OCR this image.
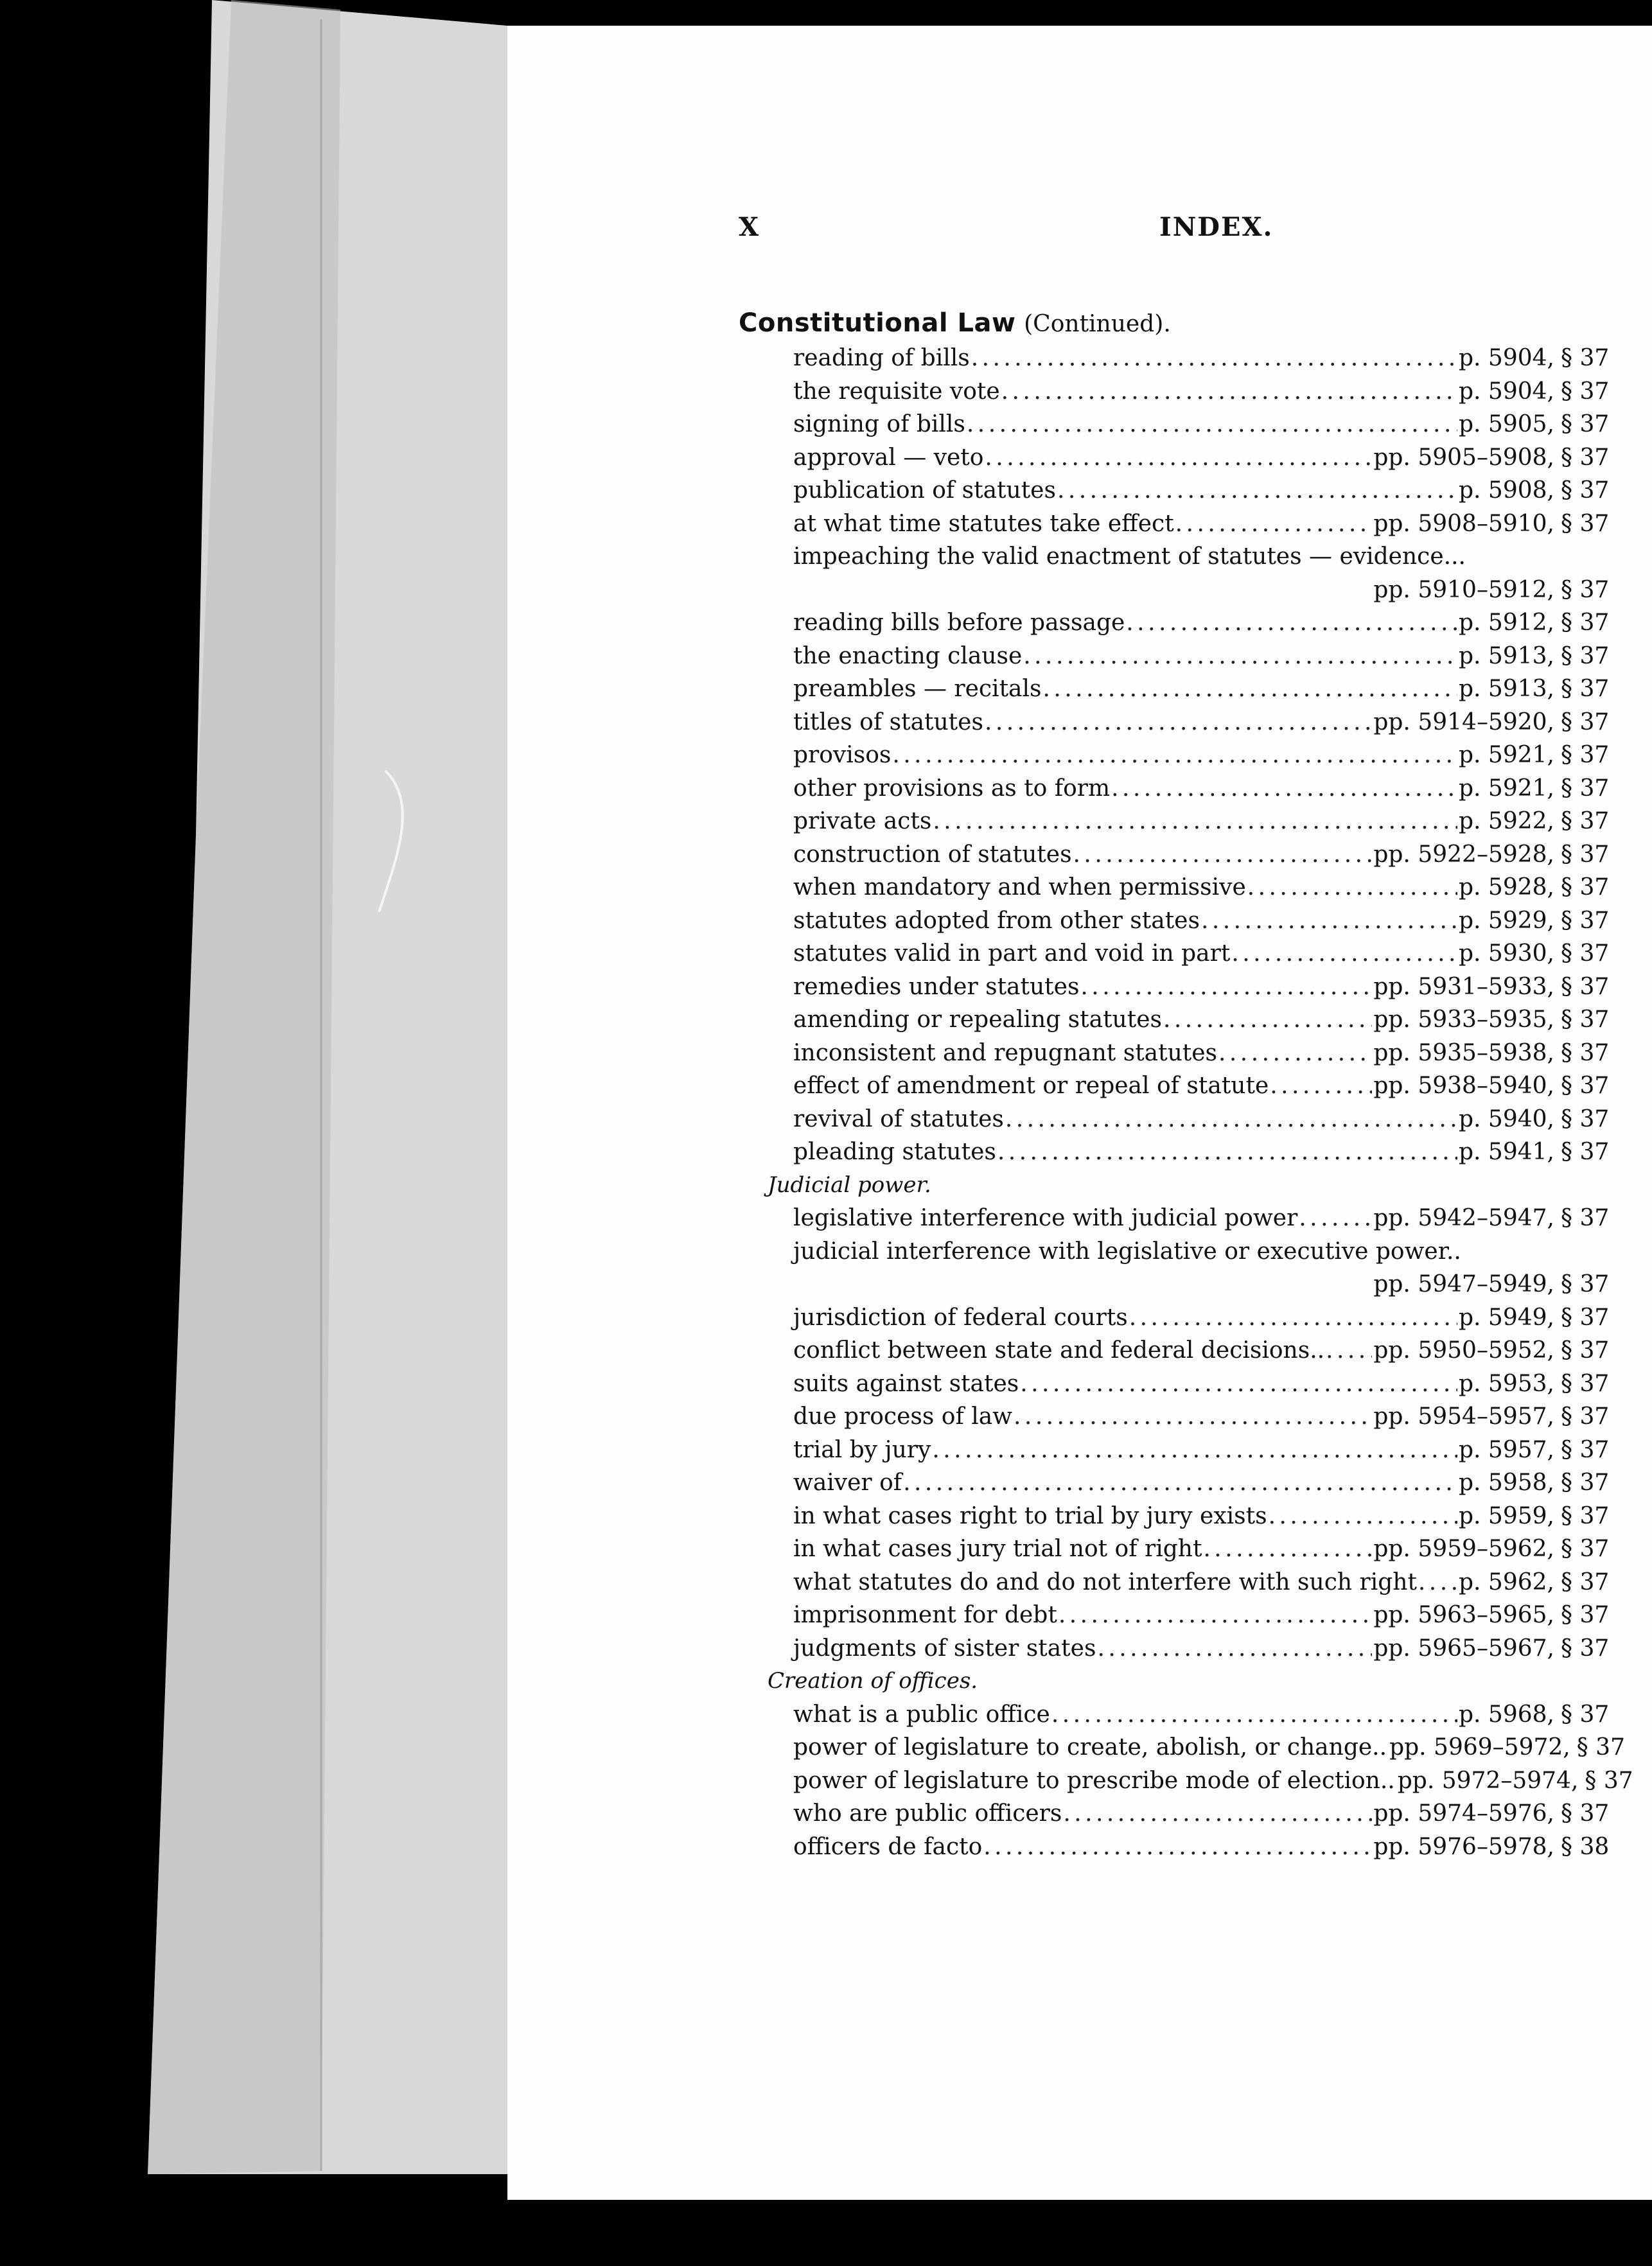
X	INDEX.
Constitutional Law (Continued).
reading of bills . . .	p. 5904, § 37
the requisite vote . . .	p. 5904, § 37
signing of bills . . .	p. 5905, § 37
approval — veto . . .	pp. 5905–5908, § 37
publication of statutes . . .	p. 5908, § 37
at what time statutes take effect . . .	pp. 5908–5910, § 37
impeaching the valid enactment of statutes — evidence...
pp. 5910–5912, § 37
reading bills before passage . . .	p. 5912, § 37
the enacting clause . . .	p. 5913, § 37
preambles — recitals . . .	p. 5913, § 37
titles of statutes . . .	pp. 5914–5920, § 37
provisos . . .	p. 5921, § 37
other provisions as to form . . .	p. 5921, § 37
private acts . . .	p. 5922, § 37
construction of statutes . . .	pp. 5922–5928, § 37
when mandatory and when permissive . . .	p. 5928, § 37
statutes adopted from other states . . .	p. 5929, § 37
statutes valid in part and void in part . . .	p. 5930, § 37
remedies under statutes . . .	pp. 5931–5933, § 37
amending or repealing statutes . . .	pp. 5933–5935, § 37
inconsistent and repugnant statutes . . .	pp. 5935–5938, § 37
effect of amendment or repeal of statute . . .	pp. 5938–5940, § 37
revival of statutes . . .	p. 5940, § 37
pleading statutes . . .	p. 5941, § 37
Judicial power.
legislative interference with judicial power . . .	pp. 5942–5947, § 37
judicial interference with legislative or executive power..
pp. 5947–5949, § 37
jurisdiction of federal courts . . .	p. 5949, § 37
conflict between state and federal decisions.. . . . pp. 5950–5952, § 37
suits against states . . .	p. 5953, § 37
due process of law . . .	pp. 5954–5957, § 37
trial by jury . . .	p. 5957, § 37
waiver of . . .	p. 5958, § 37
in what cases right to trial by jury exists . . .	p. 5959, § 37
in what cases jury trial not of right . . .	pp. 5959–5962, § 37
what statutes do and do not interfere with such right . . . p. 5962, § 37
imprisonment for debt . . .	pp. 5963–5965, § 37
judgments of sister states . . .	pp. 5965–5967, § 37
Creation of offices.
what is a public office . . .	p. 5968, § 37
power of legislature to create, abolish, or change.. pp. 5969–5972, § 37
power of legislature to prescribe mode of election.. pp. 5972–5974, § 37
who are public officers . . .	pp. 5974–5976, § 37
officers de facto . . .	pp. 5976–5978, § 38
